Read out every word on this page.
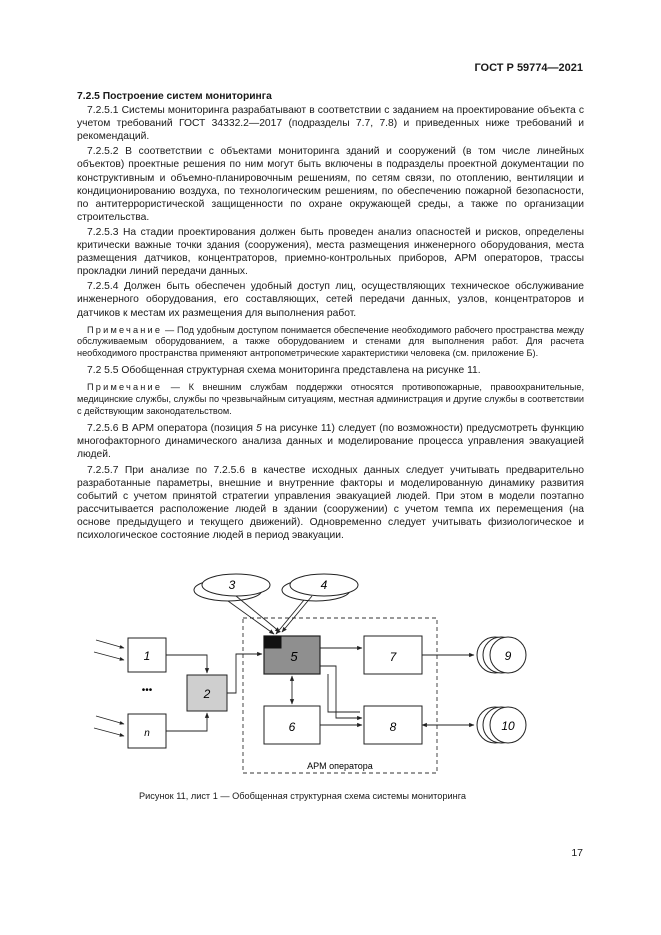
ГОСТ Р 59774—2021

7.2.5 Построение систем мониторинга

7.2.5.1 Системы мониторинга разрабатывают в соответствии с заданием на проектирование объекта с учетом требований ГОСТ 34332.2—2017 (подразделы 7.7, 7.8) и приведенных ниже требований и рекомендаций.

7.2.5.2 В соответствии с объектами мониторинга зданий и сооружений (в том числе линейных объектов) проектные решения по ним могут быть включены в подразделы проектной документации по конструктивным и объемно-планировочным решениям, по сетям связи, по отоплению, вентиляции и кондиционированию воздуха, по технологическим решениям, по обеспечению пожарной безопасности, по антитеррористической защищенности по охране окружающей среды, а также по организации строительства.

7.2.5.3 На стадии проектирования должен быть проведен анализ опасностей и рисков, определены критически важные точки здания (сооружения), места размещения инженерного оборудования, места размещения датчиков, концентраторов, приемно-контрольных приборов, АРМ операторов, трассы прокладки линий передачи данных.

7.2.5.4 Должен быть обеспечен удобный доступ лиц, осуществляющих техническое обслуживание инженерного оборудования, его составляющих, сетей передачи данных, узлов, концентраторов и датчиков к местам их размещения для выполнения работ.

Примечание — Под удобным доступом понимается обеспечение необходимого рабочего пространства между обслуживаемым оборудованием, а также оборудованием и стенами для выполнения работ. Для расчета необходимого пространства применяют антропометрические характеристики человека (см. приложение Б).

7.2 5.5 Обобщенная структурная схема мониторинга представлена на рисунке 11.

Примечание — К внешним службам поддержки относятся противопожарные, правоохранительные, медицинские службы, службы по чрезвычайным ситуациям, местная администрация и другие службы в соответствии с действующим законодательством.

7.2.5.6 В АРМ оператора (позиция 5 на рисунке 11) следует (по возможности) предусмотреть функцию многофакторного динамического анализа данных и моделирование процесса управления эвакуацией людей.

7.2.5.7 При анализе по 7.2.5.6 в качестве исходных данных следует учитывать предварительно разработанные параметры, внешние и внутренние факторы и моделированную динамику развития событий с учетом принятой стратегии управления эвакуацией людей. При этом в модели поэтапно рассчитывается расположение людей в здании (сооружении) с учетом темпа их перемещения (на основе предыдущего и текущего движений). Одновременно следует учитывать физиологическое и психологическое состояние людей в период эвакуации.

3	4
1
•••
n
2
5	7
6	8
9
10
АРМ оператора
Рисунок 11, лист 1 — Обобщенная структурная схема системы мониторинга
17
